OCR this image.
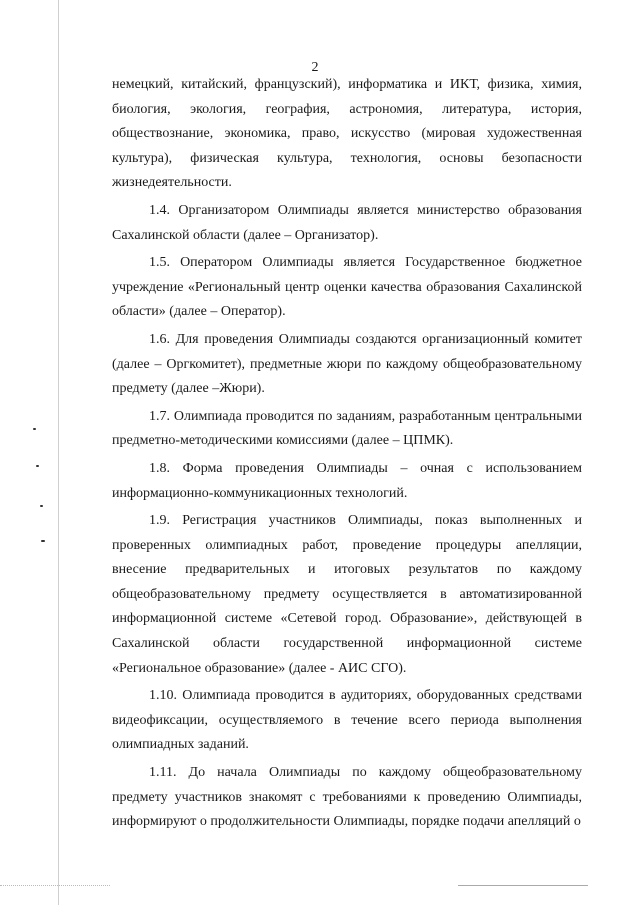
2

немецкий, китайский, французский), информатика и ИКТ, физика, химия, биология, экология, география, астрономия, литература, история, обществознание, экономика, право, искусство (мировая художественная культура), физическая культура, технология, основы безопасности жизнедеятельности.

1.4. Организатором Олимпиады является министерство образования Сахалинской области (далее – Организатор).

1.5. Оператором Олимпиады является Государственное бюджетное учреждение «Региональный центр оценки качества образования Сахалинской области» (далее – Оператор).

1.6. Для проведения Олимпиады создаются организационный комитет (далее – Оргкомитет), предметные жюри по каждому общеобразовательному предмету (далее –Жюри).

1.7. Олимпиада проводится по заданиям, разработанным центральными предметно-методическими комиссиями (далее – ЦПМК).

1.8. Форма проведения Олимпиады – очная с использованием информационно-коммуникационных технологий.

1.9. Регистрация участников Олимпиады, показ выполненных и проверенных олимпиадных работ, проведение процедуры апелляции, внесение предварительных и итоговых результатов по каждому общеобразовательному предмету осуществляется в автоматизированной информационной системе «Сетевой город. Образование», действующей в Сахалинской области государственной информационной системе «Региональное образование» (далее - АИС СГО).

1.10. Олимпиада проводится в аудиториях, оборудованных средствами видеофиксации, осуществляемого в течение всего периода выполнения олимпиадных заданий.

1.11. До начала Олимпиады по каждому общеобразовательному предмету участников знакомят с требованиями к проведению Олимпиады, информируют о продолжительности Олимпиады, порядке подачи апелляций о
